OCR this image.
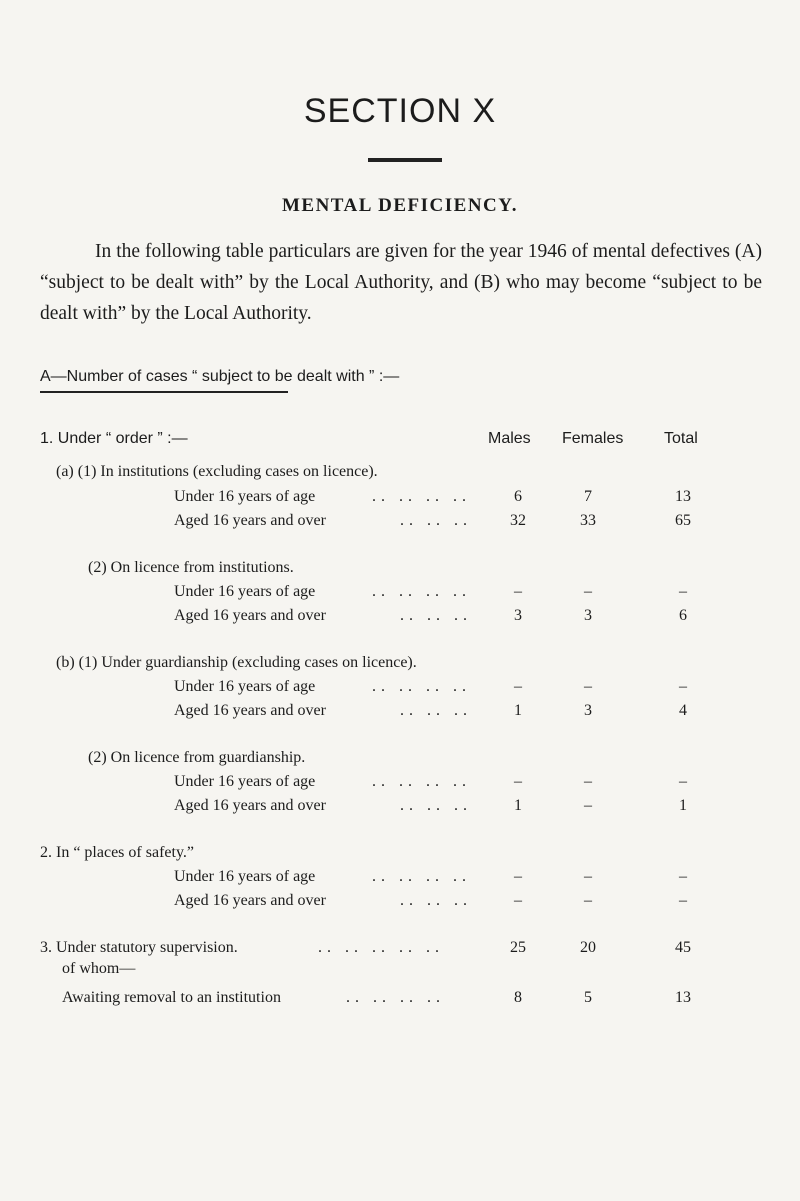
SECTION X
MENTAL DEFICIENCY.
In the following table particulars are given for the year 1946 of mental defectives (A) “subject to be dealt with” by the Local Authority, and (B) who may become “subject to be dealt with” by the Local Authority.
A—Number of cases “ subject to be dealt with ” :—
1. Under “ order ” :—	Males Females	Total
(a) (1) In institutions (excluding cases on licence).
Under 16 years of age	.. .. .. ..	6	7	13
Aged 16 years and over	.. .. ..	32	33	65
(2) On licence from institutions.
Under 16 years of age	.. .. .. ..	–	–	–
Aged 16 years and over	.. .. ..	3	3	6
(b) (1) Under guardianship (excluding cases on licence).
Under 16 years of age	.. .. .. ..	–	–	–
Aged 16 years and over	.. .. ..	1	3	4
(2) On licence from guardianship.
Under 16 years of age	.. .. .. ..	–	–	–
Aged 16 years and over	.. .. ..	1	–	1
2. In “ places of safety.”
Under 16 years of age	.. .. .. ..	–	–	–
Aged 16 years and over	.. .. ..	–	–	–
3. Under statutory supervision.	.. .. .. .. ..	25	20	45
of whom—
Awaiting removal to an institution	.. .. .. ..	8	5	13
